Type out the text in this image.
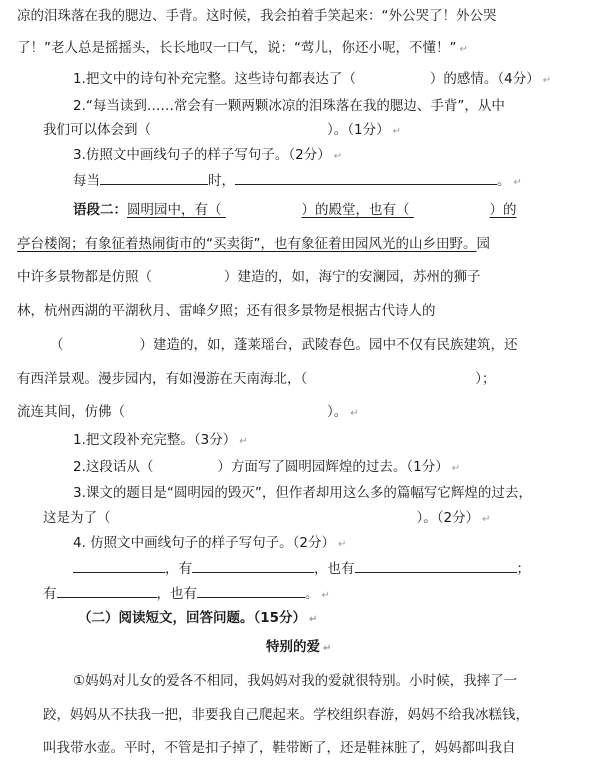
凉的泪珠落在我的腮边、手背。这时候，我会拍着手笑起来：“外公哭了！外公哭
了！”老人总是摇摇头，长长地叹一口气，说：“莺儿，你还小呢，不懂！” ↵
1.把文中的诗句补充完整。这些诗句都表达了（	）的感情。（4分） ↵
2.“每当读到……常会有一颗两颗冰凉的泪珠落在我的腮边、手背”，从中
我们可以体会到（	）。（1分） ↵
3.仿照文中画线句子的样子写句子。（2分） ↵
每当	时，	。 ↵
语段二：圆明园中，有（	）的殿堂，也有（	）的
亭台楼阁；有象征着热闹街市的“买卖街”，也有象征着田园风光的山乡田野。园
中许多景物都是仿照（	）建造的，如，海宁的安澜园，苏州的狮子
林，杭州西湖的平湖秋月、雷峰夕照；还有很多景物是根据古代诗人的
（	）建造的，如，蓬莱瑶台，武陵春色。园中不仅有民族建筑，还
有西洋景观。漫步园内，有如漫游在天南海北，（	）；
流连其间，仿佛（	）。 ↵
1.把文段补充完整。（3分） ↵
2.这段话从（	）方面写了圆明园辉煌的过去。（1分） ↵
3.课文的题目是“圆明园的毁灭”，但作者却用这么多的篇幅写它辉煌的过去，
这是为了（	）。（2分） ↵
4. 仿照文中画线句子的样子写句子。（2分） ↵
，有	，也有	；
有	，也有	。 ↵
（二）阅读短文，回答问题。（15分） ↵
特别的爱 ↵
①妈妈对儿女的爱各不相同，我妈妈对我的爱就很特别。小时候，我摔了一
跤，妈妈从不扶我一把，非要我自己爬起来。学校组织春游，妈妈不给我冰糕钱，
叫我带水壶。平时，不管是扣子掉了，鞋带断了，还是鞋袜脏了，妈妈都叫我自
